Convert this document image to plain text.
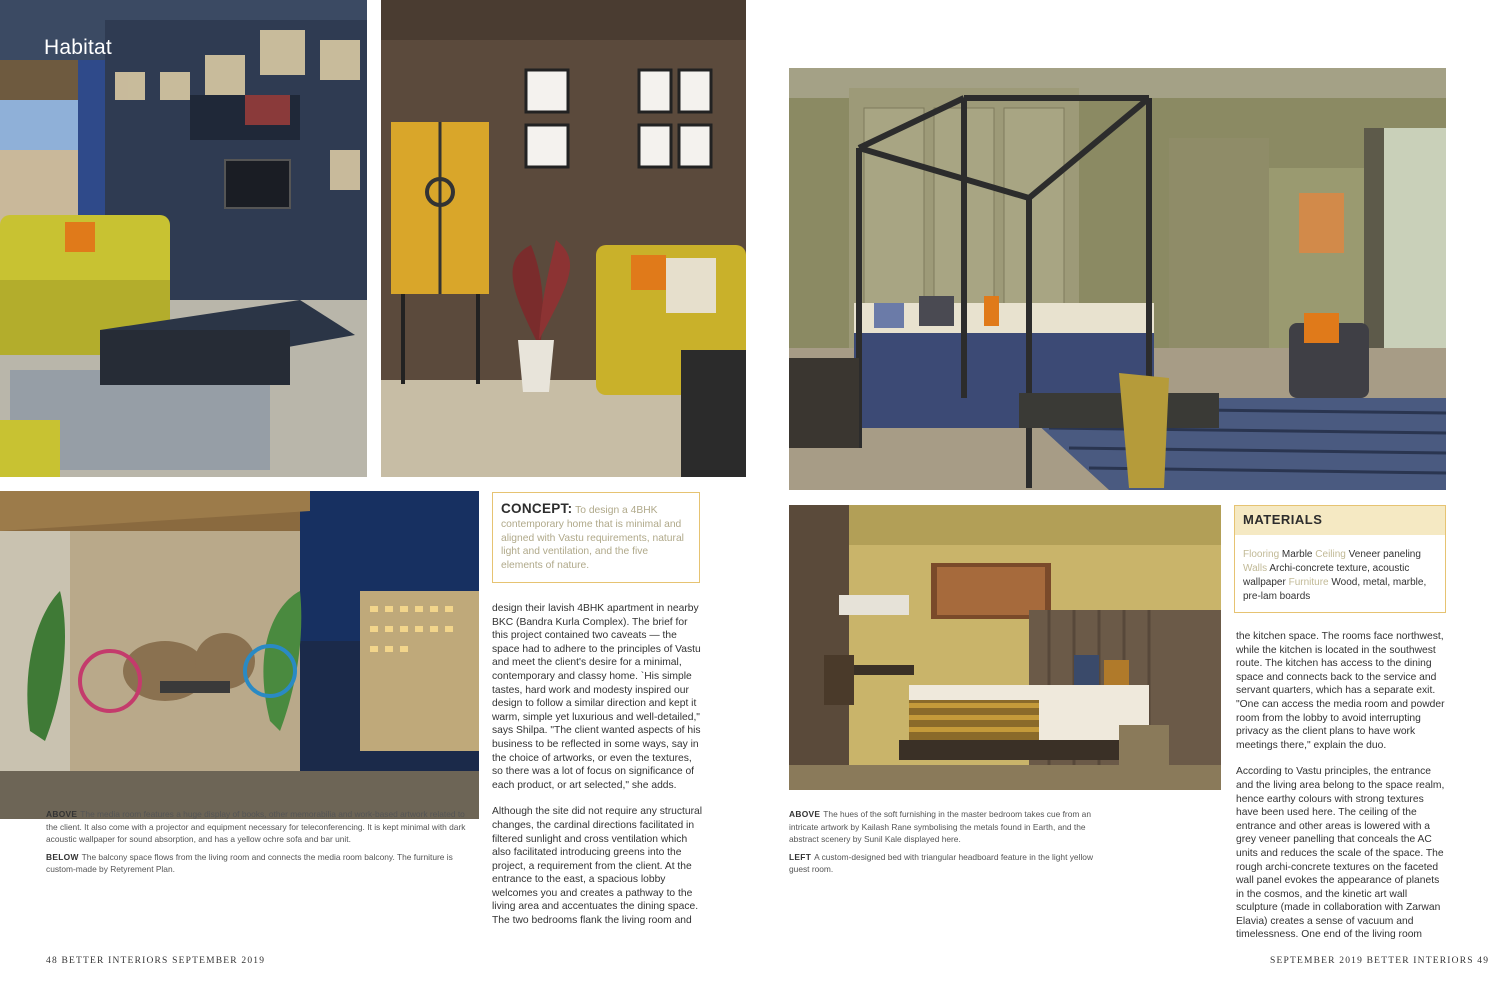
Habitat

ABOVE The media room features a huge display of books, other memorabilia and work-based artwork related to the client. It also come with a projector and equipment necessary for teleconferencing. It is kept minimal with dark acoustic wallpaper for sound absorption, and has a yellow ochre sofa and bar unit.

BELOW The balcony space flows from the living room and connects the media room balcony. The furniture is custom-made by Retyrement Plan.

CONCEPT: To design a 4BHK contemporary home that is minimal and aligned with Vastu requirements, natural light and ventilation, and the five elements of nature.

design their lavish 4BHK apartment in nearby BKC (Bandra Kurla Complex). The brief for this project contained two caveats — the space had to adhere to the principles of Vastu and meet the client's desire for a minimal, contemporary and classy home. `His simple tastes, hard work and modesty inspired our design to follow a similar direction and kept it warm, simple yet luxurious and well-detailed," says Shilpa. "The client wanted aspects of his business to be reflected in some ways, say in the choice of artworks, or even the textures, so there was a lot of focus on significance of each product, or art selected," she adds.

Although the site did not require any structural changes, the cardinal directions facilitated in filtered sunlight and cross ventilation which also facilitated introducing greens into the project, a requirement from the client. At the entrance to the east, a spacious lobby welcomes you and creates a pathway to the living area and accentuates the dining space. The two bedrooms flank the living room and

ABOVE The hues of the soft furnishing in the master bedroom takes cue from an intricate artwork by Kailash Rane symbolising the metals found in Earth, and the abstract scenery by Sunil Kale displayed here.

LEFT A custom-designed bed with triangular headboard feature in the light yellow guest room.

MATERIALS
Flooring Marble Ceiling Veneer paneling Walls Archi-concrete texture, acoustic wallpaper Furniture Wood, metal, marble, pre-lam boards

the kitchen space. The rooms face northwest, while the kitchen is located in the southwest route. The kitchen has access to the dining space and connects back to the service and servant quarters, which has a separate exit. "One can access the media room and powder room from the lobby to avoid interrupting privacy as the client plans to have work meetings there," explain the duo.

According to Vastu principles, the entrance and the living area belong to the space realm, hence earthy colours with strong textures have been used here. The ceiling of the entrance and other areas is lowered with a grey veneer panelling that conceals the AC units and reduces the scale of the space. The rough archi-concrete textures on the faceted wall panel evokes the appearance of planets in the cosmos, and the kinetic art wall sculpture (made in collaboration with Zarwan Elavia) creates a sense of vacuum and timelessness. One end of the living room

48 BETTER INTERIORS SEPTEMBER 2019	SEPTEMBER 2019 BETTER INTERIORS 49
